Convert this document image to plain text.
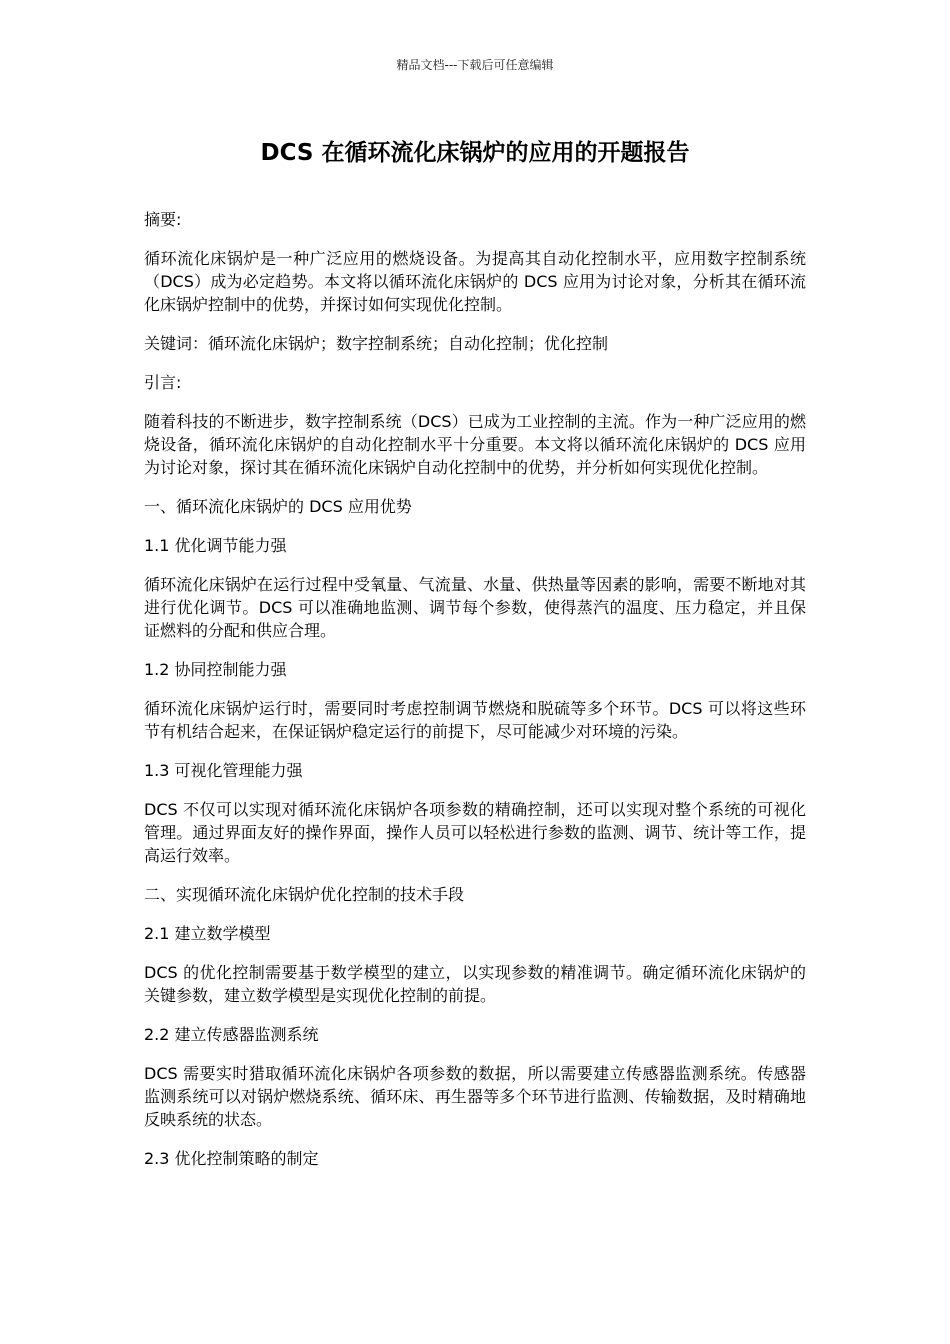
精品文档---下载后可任意编辑
DCS 在循环流化床锅炉的应用的开题报告

摘要:

循环流化床锅炉是一种广泛应用的燃烧设备。为提高其自动化控制水平，应用数字控制系统（DCS）成为必定趋势。本文将以循环流化床锅炉的 DCS 应用为讨论对象，分析其在循环流化床锅炉控制中的优势，并探讨如何实现优化控制。

关键词：循环流化床锅炉；数字控制系统；自动化控制；优化控制

引言:

随着科技的不断进步，数字控制系统（DCS）已成为工业控制的主流。作为一种广泛应用的燃烧设备，循环流化床锅炉的自动化控制水平十分重要。本文将以循环流化床锅炉的 DCS 应用为讨论对象，探讨其在循环流化床锅炉自动化控制中的优势，并分析如何实现优化控制。

一、循环流化床锅炉的 DCS 应用优势

1.1 优化调节能力强

循环流化床锅炉在运行过程中受氧量、气流量、水量、供热量等因素的影响，需要不断地对其进行优化调节。DCS 可以准确地监测、调节每个参数，使得蒸汽的温度、压力稳定，并且保证燃料的分配和供应合理。

1.2 协同控制能力强

循环流化床锅炉运行时，需要同时考虑控制调节燃烧和脱硫等多个环节。DCS 可以将这些环节有机结合起来，在保证锅炉稳定运行的前提下，尽可能减少对环境的污染。

1.3 可视化管理能力强

DCS 不仅可以实现对循环流化床锅炉各项参数的精确控制，还可以实现对整个系统的可视化管理。通过界面友好的操作界面，操作人员可以轻松进行参数的监测、调节、统计等工作，提高运行效率。

二、实现循环流化床锅炉优化控制的技术手段

2.1 建立数学模型

DCS 的优化控制需要基于数学模型的建立，以实现参数的精准调节。确定循环流化床锅炉的关键参数，建立数学模型是实现优化控制的前提。

2.2 建立传感器监测系统

DCS 需要实时猎取循环流化床锅炉各项参数的数据，所以需要建立传感器监测系统。传感器监测系统可以对锅炉燃烧系统、循环床、再生器等多个环节进行监测、传输数据，及时精确地反映系统的状态。

2.3 优化控制策略的制定
